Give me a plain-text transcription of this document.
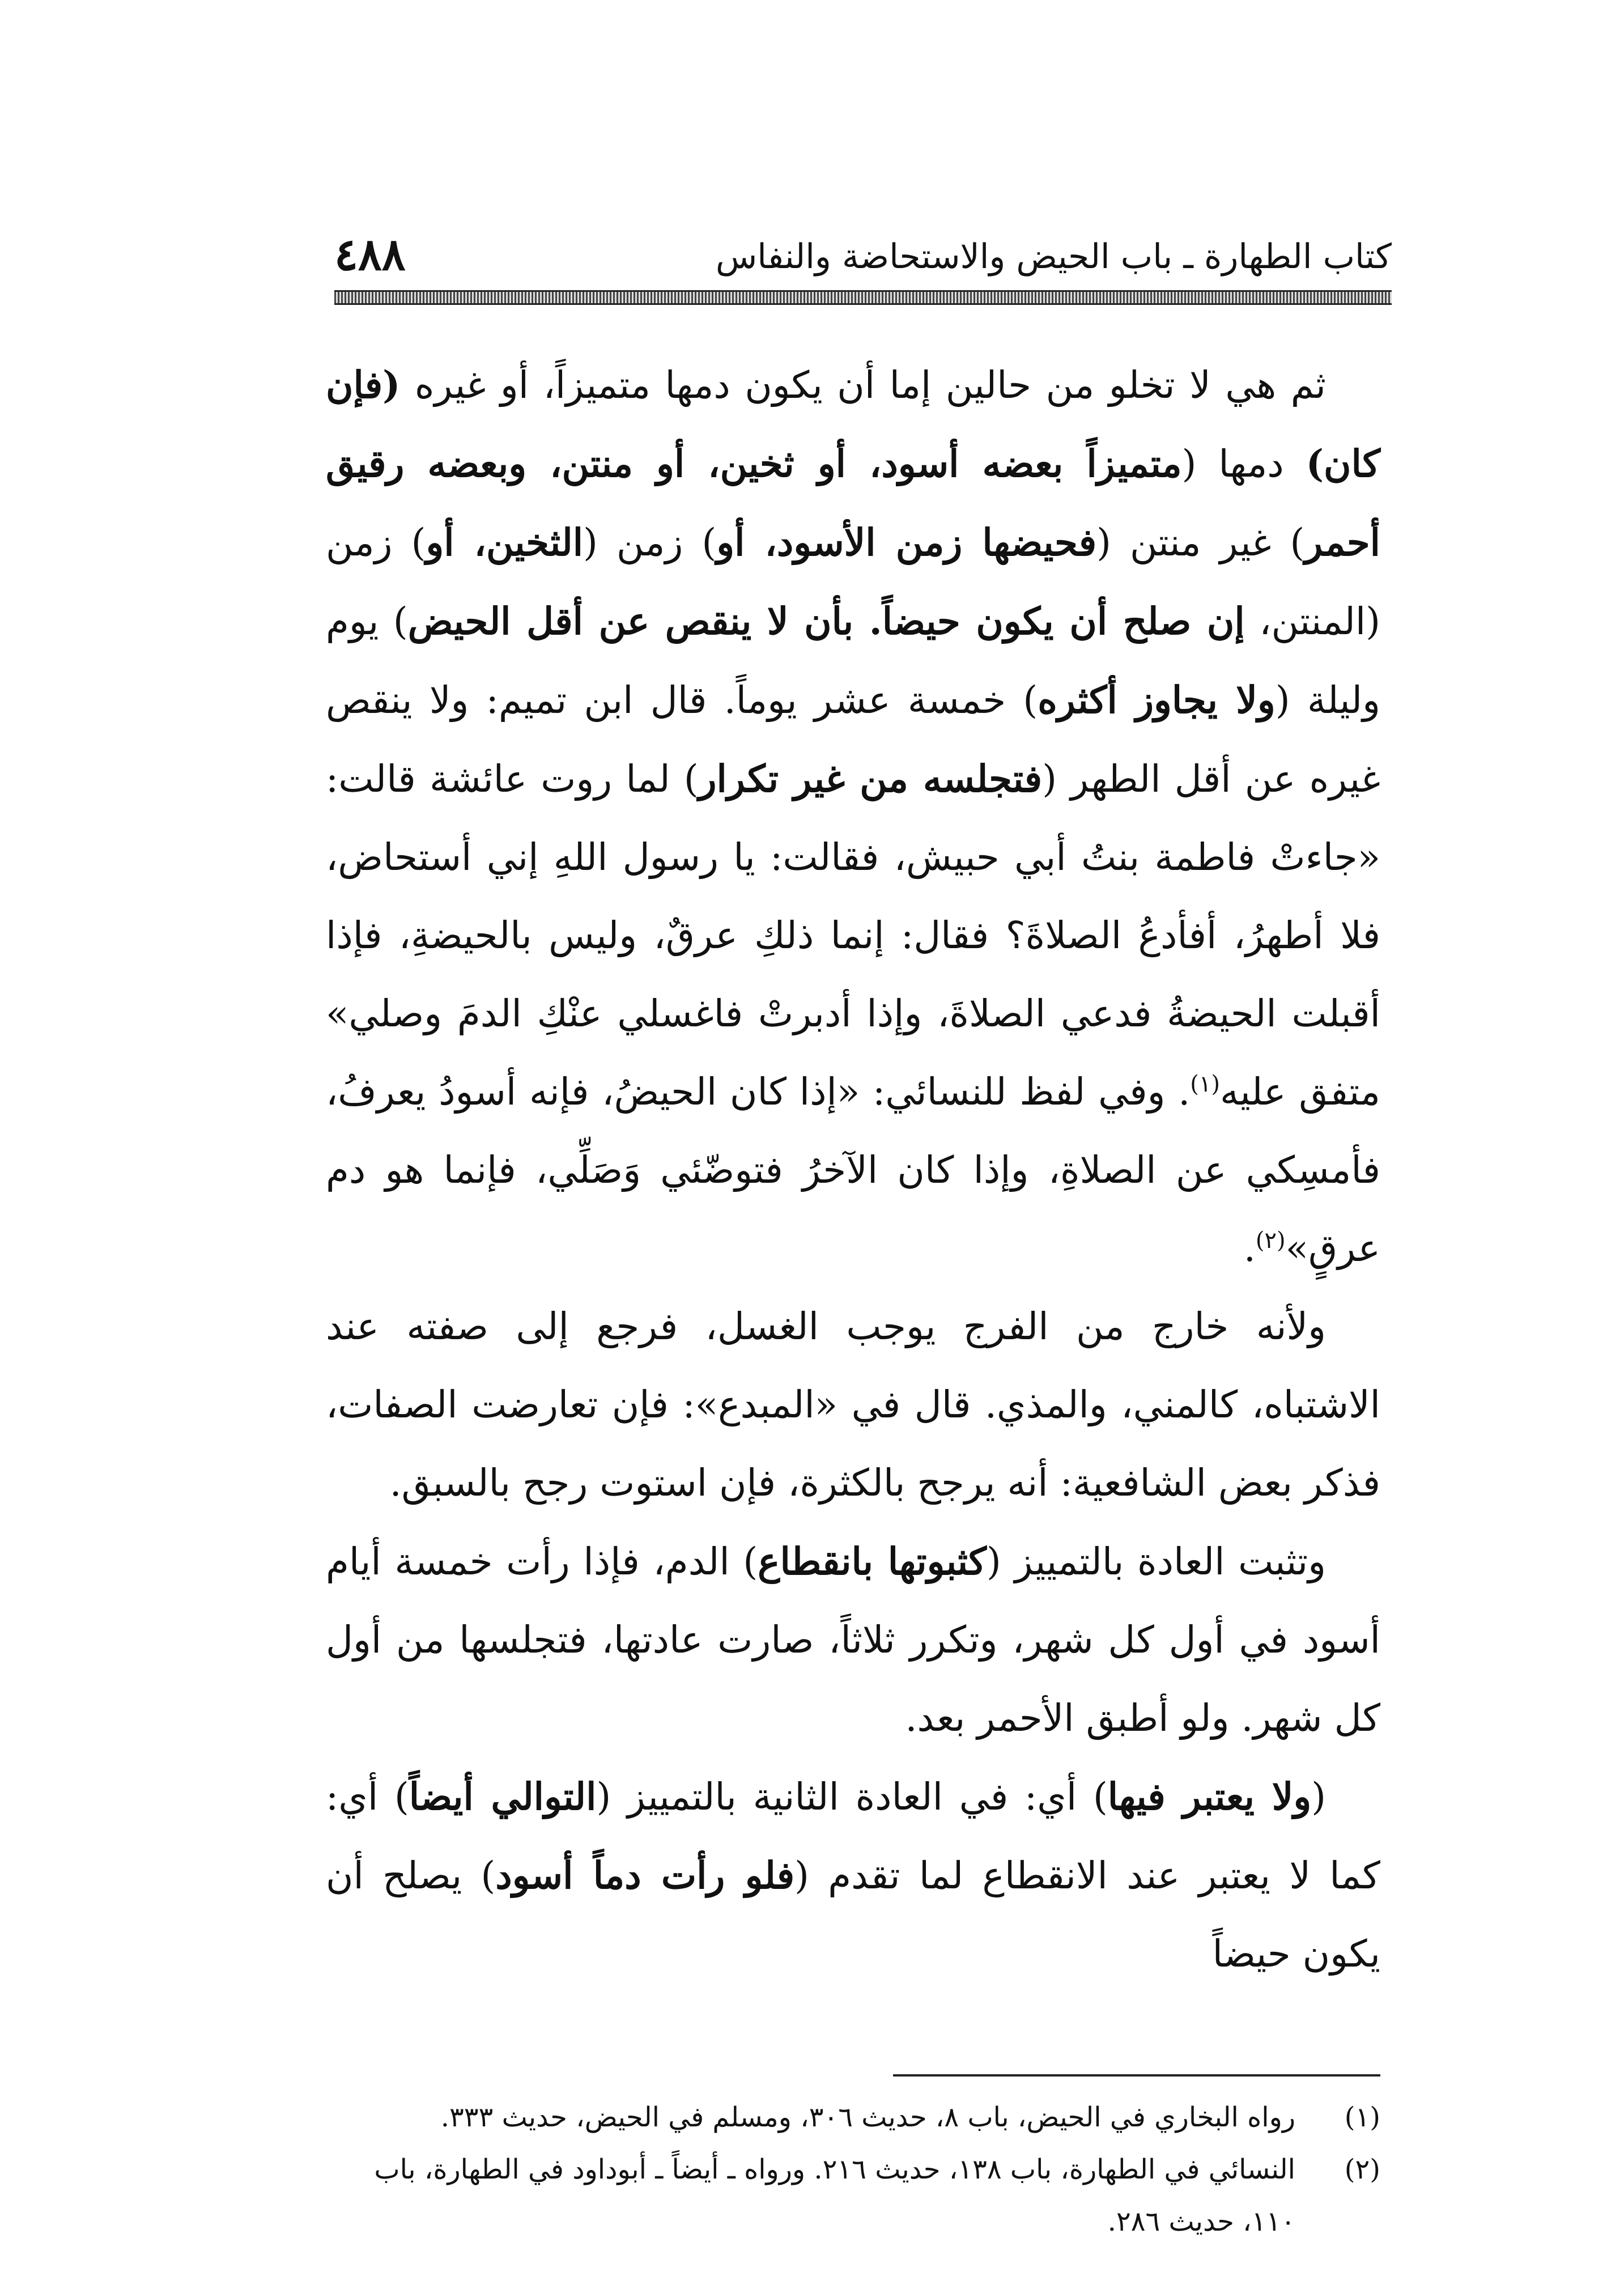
٤٨٨	كتاب الطهارة ـ باب الحيض والاستحاضة والنفاس

ثم هي لا تخلو من حالين إما أن يكون دمها متميزاً، أو غيره (فإن كان) دمها (متميزاً بعضه أسود، أو ثخين، أو منتن، وبعضه رقيق أحمر) غير منتن (فحيضها زمن الأسود، أو) زمن (الثخين، أو) زمن (المنتن، إن صلح أن يكون حيضاً. بأن لا ينقص عن أقل الحيض) يوم وليلة (ولا يجاوز أكثره) خمسة عشر يوماً. قال ابن تميم: ولا ينقص غيره عن أقل الطهر (فتجلسه من غير تكرار) لما روت عائشة قالت: «جاءتْ فاطمة بنتُ أبي حبيش، فقالت: يا رسول اللهِ إني أستحاض، فلا أطهرُ، أفأدعُ الصلاةَ؟ فقال: إنما ذلكِ عرقٌ، وليس بالحيضةِ، فإذا أقبلت الحيضةُ فدعي الصلاةَ، وإذا أدبرتْ فاغسلي عنْكِ الدمَ وصلي» متفق عليه$^{(١)}$. وفي لفظ للنسائي: «إذا كان الحيضُ، فإنه أسودُ يعرفُ، فأمسِكي عن الصلاةِ، وإذا كان الآخرُ فتوضّئي وَصَلِّي، فإنما هو دم عرقٍ»$^{(٢)}$.

ولأنه خارج من الفرج يوجب الغسل، فرجع إلى صفته عند الاشتباه، كالمني، والمذي. قال في «المبدع»: فإن تعارضت الصفات، فذكر بعض الشافعية: أنه يرجح بالكثرة، فإن استوت رجح بالسبق.

وتثبت العادة بالتمييز (كثبوتها بانقطاع) الدم، فإذا رأت خمسة أيام أسود في أول كل شهر، وتكرر ثلاثاً، صارت عادتها، فتجلسها من أول كل شهر. ولو أطبق الأحمر بعد.

(ولا يعتبر فيها) أي: في العادة الثانية بالتمييز (التوالي أيضاً) أي: كما لا يعتبر عند الانقطاع لما تقدم (فلو رأت دماً أسود) يصلح أن يكون حيضاً

(١)
رواه البخاري في الحيض، باب ٨، حديث ٣٠٦، ومسلم في الحيض، حديث ٣٣٣.
(٢)
النسائي في الطهارة، باب ١٣٨، حديث ٢١٦. ورواه ـ أيضاً ـ أبوداود في الطهارة، باب ١١٠، حديث ٢٨٦.
